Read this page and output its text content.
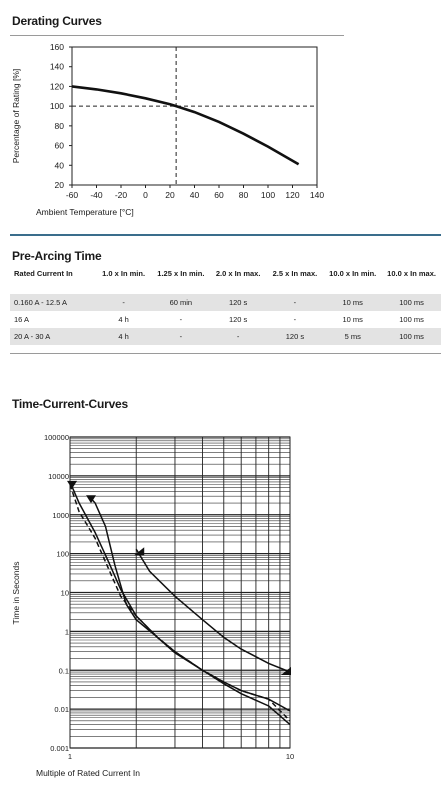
Derating Curves
160
140
120
100
80
60
40
20
-60 -40 -20 0 20 40 60 80 100 120 140
Percentage of Rating [%]
Ambient Temperature [°C]
Pre-Arcing Time
Rated Current In	1.0 x In min.	1.25 x In min.	2.0 x In max.	2.5 x In max.	10.0 x In min.	10.0 x In max.

0.160 A - 12.5 A	-	60 min	120 s	-	10 ms	100 ms
16 A	4 h	-	120 s	-	10 ms	100 ms
20 A - 30 A	4 h	-	-	120 s	5 ms	100 ms
Time-Current-Curves
100000
10000
1000
100
10
1
0.1
0.01
0.001
1	10
Time in Seconds
Multiple of Rated Current In
